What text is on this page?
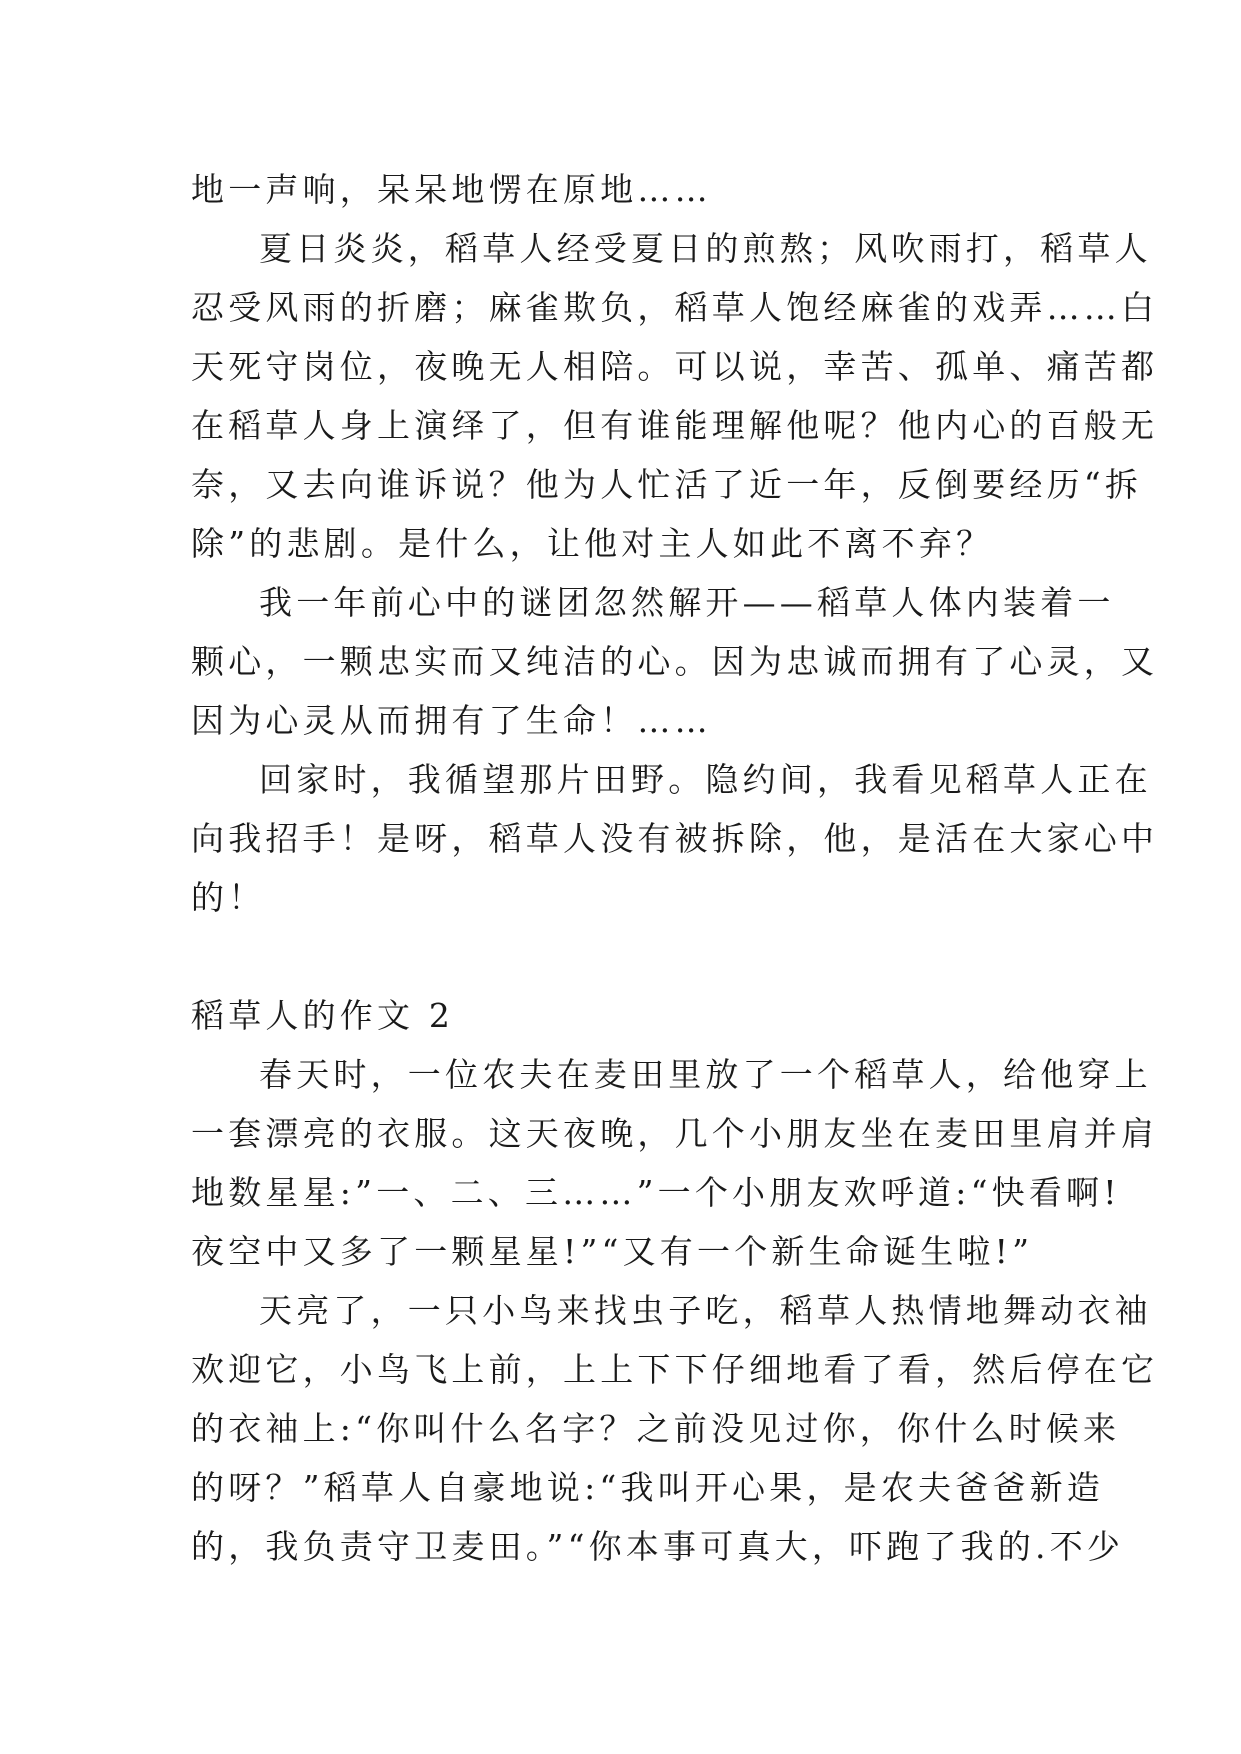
地一声响，呆呆地愣在原地……
夏日炎炎，稻草人经受夏日的煎熬；风吹雨打，稻草人
忍受风雨的折磨；麻雀欺负，稻草人饱经麻雀的戏弄……白
天死守岗位，夜晚无人相陪。可以说，幸苦、孤单、痛苦都
在稻草人身上演绎了，但有谁能理解他呢？他内心的百般无
奈，又去向谁诉说？他为人忙活了近一年，反倒要经历“拆
除”的悲剧。是什么，让他对主人如此不离不弃？
我一年前心中的谜团忽然解开——稻草人体内装着一
颗心，一颗忠实而又纯洁的心。因为忠诚而拥有了心灵，又
因为心灵从而拥有了生命！……
回家时，我循望那片田野。隐约间，我看见稻草人正在
向我招手！是呀，稻草人没有被拆除，他，是活在大家心中
的！
稻草人的作文 2
春天时，一位农夫在麦田里放了一个稻草人，给他穿上
一套漂亮的衣服。这天夜晚，几个小朋友坐在麦田里肩并肩
地数星星:”一、二、三……”一个小朋友欢呼道:“快看啊!
夜空中又多了一颗星星!”“又有一个新生命诞生啦!”
天亮了，一只小鸟来找虫子吃，稻草人热情地舞动衣袖
欢迎它，小鸟飞上前，上上下下仔细地看了看，然后停在它
的衣袖上:“你叫什么名字？之前没见过你，你什么时候来
的呀？”稻草人自豪地说:“我叫开心果，是农夫爸爸新造
的，我负责守卫麦田。”“你本事可真大，吓跑了我的.不少
